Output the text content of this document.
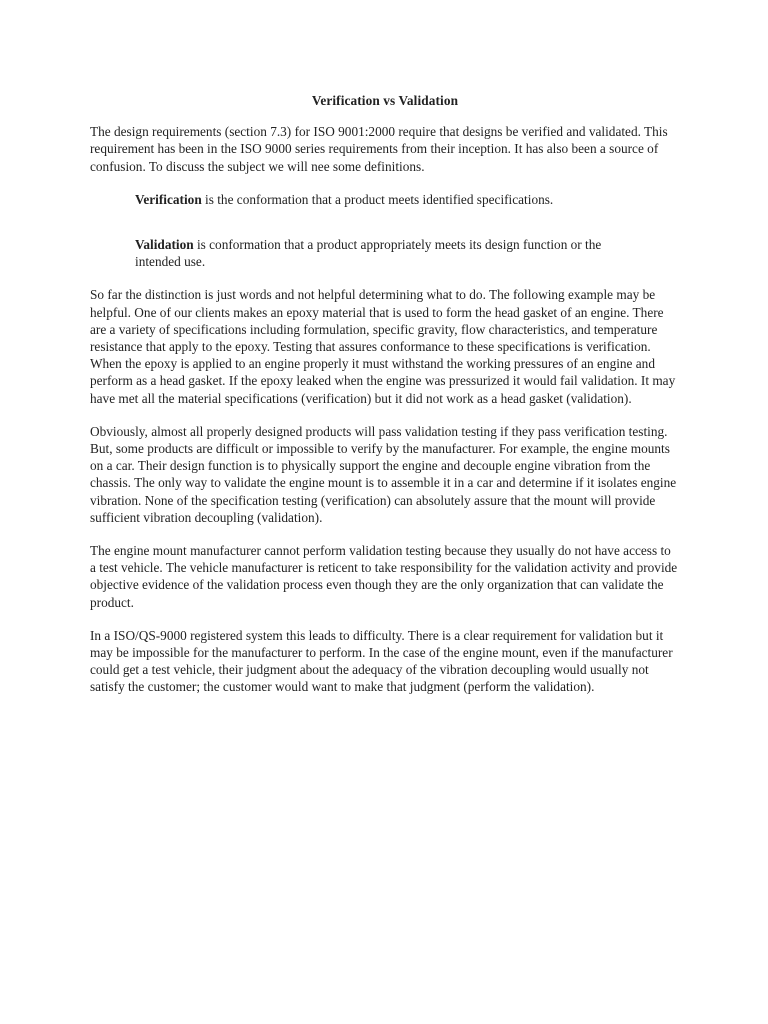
Verification vs Validation

The design requirements (section 7.3) for ISO 9001:2000 require that designs be verified and validated. This requirement has been in the ISO 9000 series requirements from their inception. It has also been a source of confusion. To discuss the subject we will nee some definitions.

Verification is the conformation that a product meets identified specifications.

Validation is conformation that a product appropriately meets its design function or the intended use.

So far the distinction is just words and not helpful determining what to do. The following example may be helpful. One of our clients makes an epoxy material that is used to form the head gasket of an engine. There are a variety of specifications including formulation, specific gravity, flow characteristics, and temperature resistance that apply to the epoxy. Testing that assures conformance to these specifications is verification. When the epoxy is applied to an engine properly it must withstand the working pressures of an engine and perform as a head gasket. If the epoxy leaked when the engine was pressurized it would fail validation. It may have met all the material specifications (verification) but it did not work as a head gasket (validation).

Obviously, almost all properly designed products will pass validation testing if they pass verification testing. But, some products are difficult or impossible to verify by the manufacturer. For example, the engine mounts on a car. Their design function is to physically support the engine and decouple engine vibration from the chassis. The only way to validate the engine mount is to assemble it in a car and determine if it isolates engine vibration. None of the specification testing (verification) can absolutely assure that the mount will provide sufficient vibration decoupling (validation).

The engine mount manufacturer cannot perform validation testing because they usually do not have access to a test vehicle. The vehicle manufacturer is reticent to take responsibility for the validation activity and provide objective evidence of the validation process even though they are the only organization that can validate the product.

In a ISO/QS-9000 registered system this leads to difficulty. There is a clear requirement for validation but it may be impossible for the manufacturer to perform. In the case of the engine mount, even if the manufacturer could get a test vehicle, their judgment about the adequacy of the vibration decoupling would usually not satisfy the customer; the customer would want to make that judgment (perform the validation).
